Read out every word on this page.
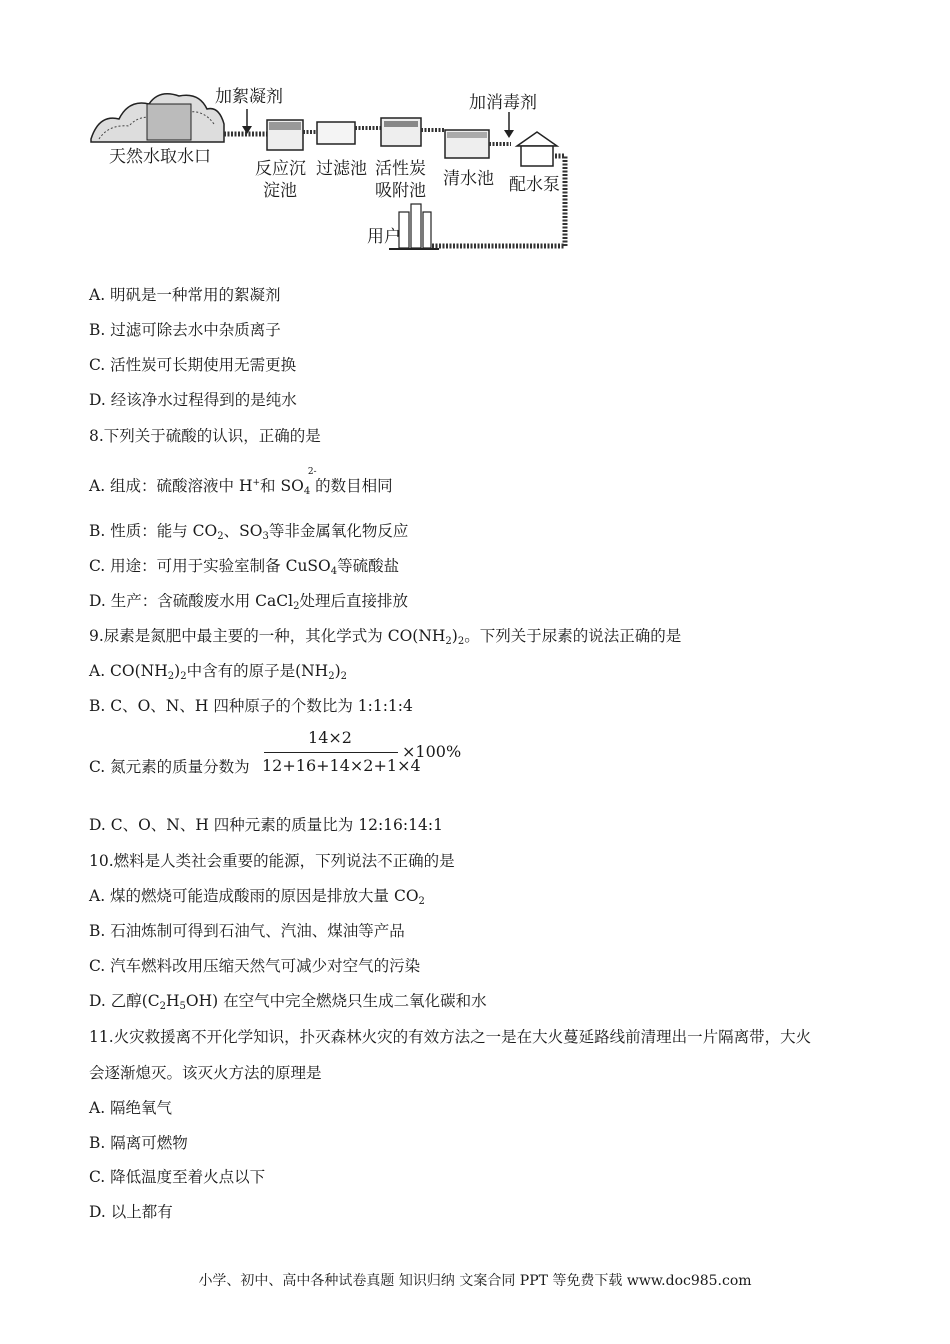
加絮凝剂
天然水取水口
反应沉
淀池
过滤池 活性炭
吸附池
清水池
加消毒剂
配水泵
用户
A. 明矾是一种常用的絮凝剂
B. 过滤可除去水中杂质离子
C. 活性炭可长期使用无需更换
D. 经该净水过程得到的是纯水
8.下列关于硫酸的认识，正确的是
A. 组成：硫酸溶液中 H+和 SO
2-
$_4$ 的数目相同
B. 性质：能与 $CO_2$、$SO_3$等非金属氧化物反应
C. 用途：可用于实验室制备 CuSO$_4$等硫酸盐
D. 生产：含硫酸废水用 CaCl$_2$处理后直接排放
9.尿素是氮肥中最主要的一种，其化学式为 $CO(NH_2)_2$。下列关于尿素的说法正确的是
A. $CO(NH_2)_2$中含有的原子是$(NH_2)_2$
B. C、O、N、H 四种原子的个数比为 1:1:1:4
C. 氮元素的质量分数为
14×2
12+16+14×2+1×4
×100%
D. C、O、N、H 四种元素的质量比为 12:16:14:1
10.燃料是人类社会重要的能源，下列说法不正确的是
A. 煤的燃烧可能造成酸雨的原因是排放大量 $CO_2$
B. 石油炼制可得到石油气、汽油、煤油等产品
C. 汽车燃料改用压缩天然气可减少对空气的污染
D. 乙醇$(C_2H_5OH)$ 在空气中完全燃烧只生成二氧化碳和水
11.火灾救援离不开化学知识，扑灭森林火灾的有效方法之一是在大火蔓延路线前清理出一片隔离带，大火
会逐渐熄灭。该灭火方法的原理是
A. 隔绝氧气
B. 隔离可燃物
C. 降低温度至着火点以下
D. 以上都有
小学、初中、高中各种试卷真题 知识归纳 文案合同 PPT 等免费下载 www.doc985.com
